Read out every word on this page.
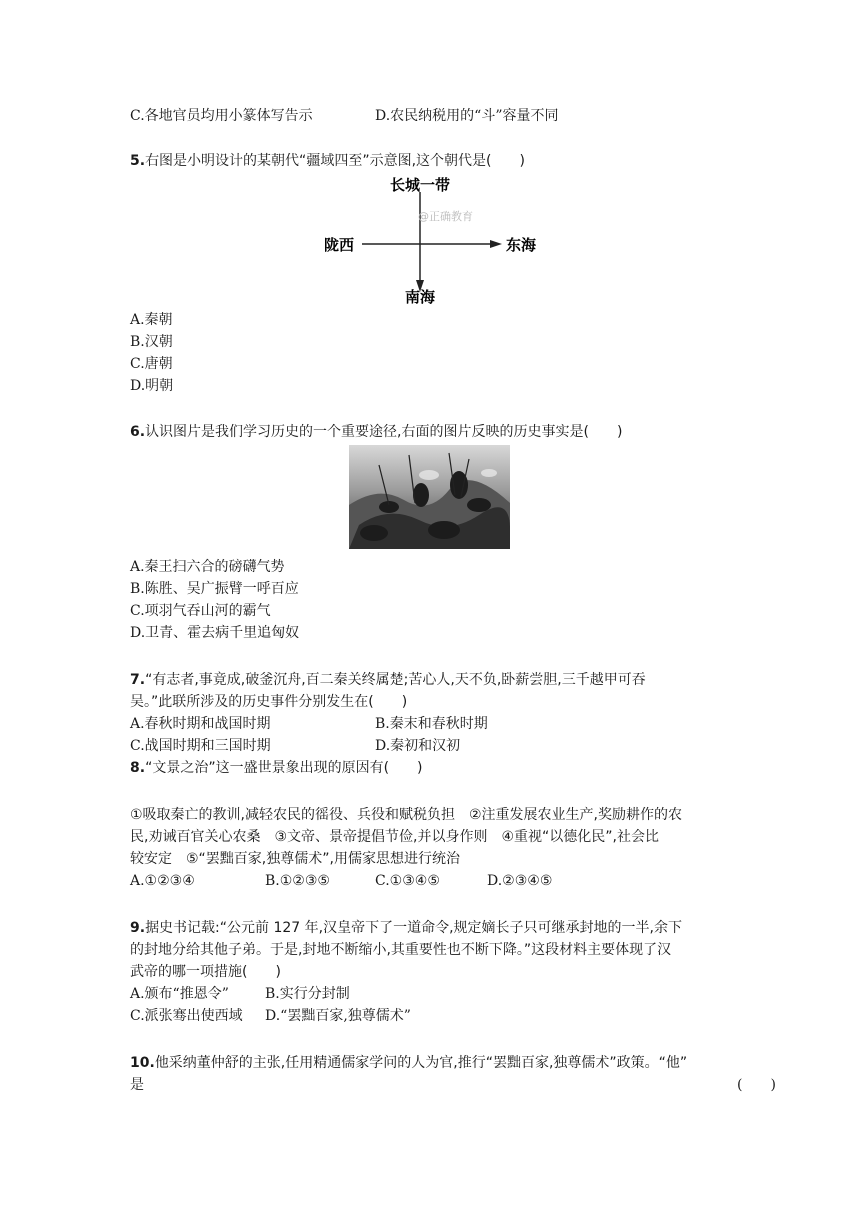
C.各地官员均用小篆体写告示	D.农民纳税用的“斗”容量不同
5.右图是小明设计的某朝代“疆域四至”示意图,这个朝代是(   )
长城一带
陇西	东海
南海
@正确教育
A.秦朝
B.汉朝
C.唐朝
D.明朝
6.认识图片是我们学习历史的一个重要途径,右面的图片反映的历史事实是(   )
A.秦王扫六合的磅礴气势
B.陈胜、吴广振臂一呼百应
C.项羽气吞山河的霸气
D.卫青、霍去病千里追匈奴
7.“有志者,事竟成,破釜沉舟,百二秦关终属楚;苦心人,天不负,卧薪尝胆,三千越甲可吞
吴。”此联所涉及的历史事件分别发生在(   )
A.春秋时期和战国时期	B.秦末和春秋时期
C.战国时期和三国时期	D.秦初和汉初
8.“文景之治”这一盛世景象出现的原因有(   )
①吸取秦亡的教训,减轻农民的徭役、兵役和赋税负担　②注重发展农业生产,奖励耕作的农
民,劝诫百官关心农桑　③文帝、景帝提倡节俭,并以身作则　④重视“以德化民”,社会比
较安定　⑤“罢黜百家,独尊儒术”,用儒家思想进行统治
A.①②③④	B.①②③⑤	C.①③④⑤	D.②③④⑤
9.据史书记载:“公元前 127 年,汉皇帝下了一道命令,规定嫡长子只可继承封地的一半,余下
的封地分给其他子弟。于是,封地不断缩小,其重要性也不断下降。”这段材料主要体现了汉
武帝的哪一项措施(   )
A.颁布“推恩令”	B.实行分封制
C.派张骞出使西域 D.“罢黜百家,独尊儒术”
10.他采纳董仲舒的主张,任用精通儒家学问的人为官,推行“罢黜百家,独尊儒术”政策。“他”
是	(　　)
